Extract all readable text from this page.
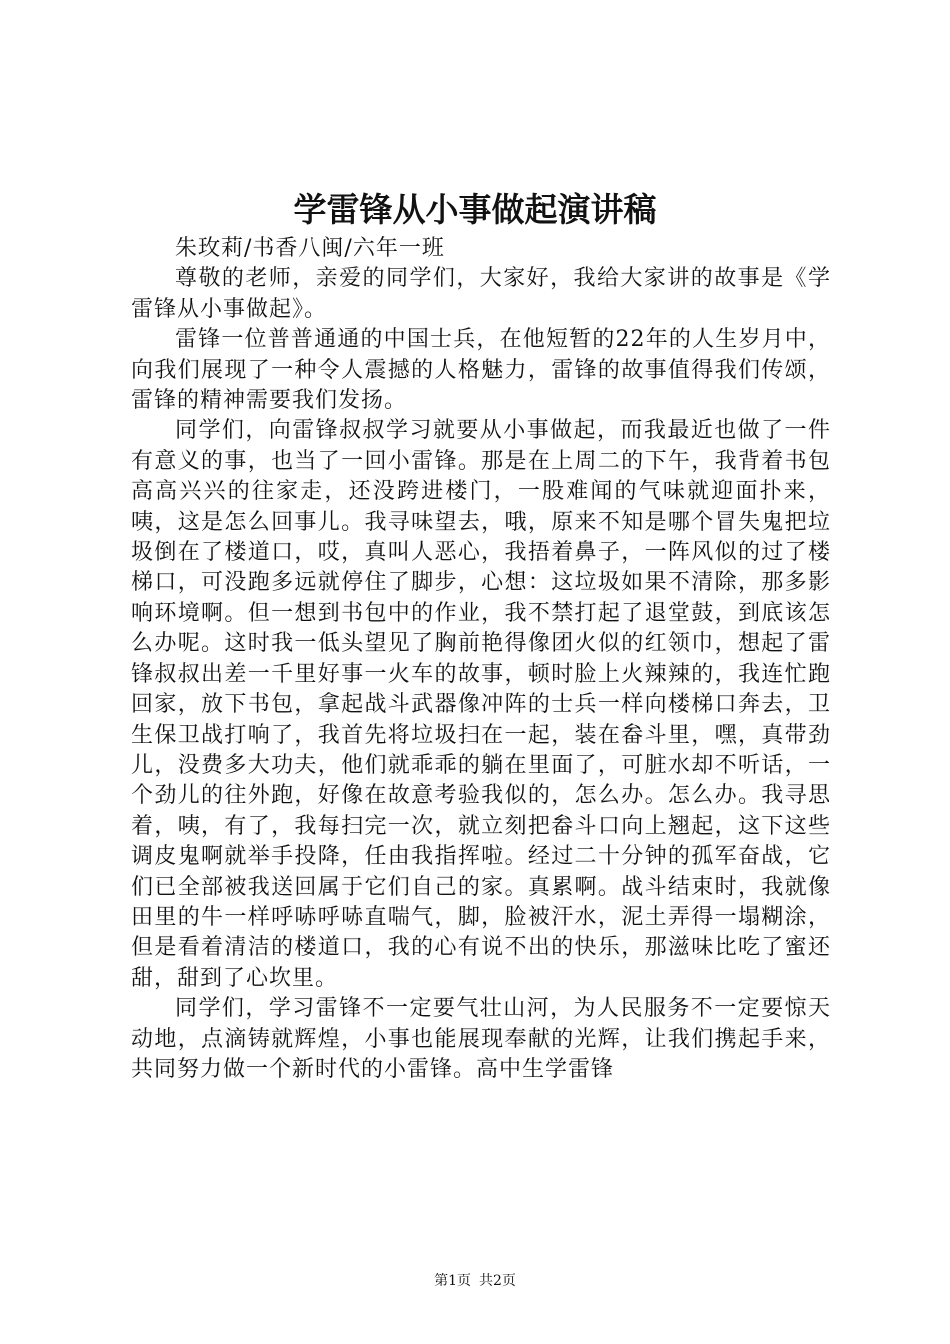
学雷锋从小事做起演讲稿

朱玫莉/书香八闽/六年一班

尊敬的老师，亲爱的同学们，大家好，我给大家讲的故事是《学雷锋从小事做起》。

雷锋一位普普通通的中国士兵，在他短暂的22年的人生岁月中，向我们展现了一种令人震撼的人格魅力，雷锋的故事值得我们传颂，雷锋的精神需要我们发扬。

同学们，向雷锋叔叔学习就要从小事做起，而我最近也做了一件有意义的事，也当了一回小雷锋。那是在上周二的下午，我背着书包高高兴兴的往家走，还没跨进楼门，一股难闻的气味就迎面扑来，咦，这是怎么回事儿。我寻味望去，哦，原来不知是哪个冒失鬼把垃圾倒在了楼道口，哎，真叫人恶心，我捂着鼻子，一阵风似的过了楼梯口，可没跑多远就停住了脚步，心想：这垃圾如果不清除，那多影响环境啊。但一想到书包中的作业，我不禁打起了退堂鼓，到底该怎么办呢。这时我一低头望见了胸前艳得像团火似的红领巾，想起了雷锋叔叔出差一千里好事一火车的故事，顿时脸上火辣辣的，我连忙跑回家，放下书包，拿起战斗武器像冲阵的士兵一样向楼梯口奔去，卫生保卫战打响了，我首先将垃圾扫在一起，装在畚斗里，嘿，真带劲儿，没费多大功夫，他们就乖乖的躺在里面了，可脏水却不听话，一个劲儿的往外跑，好像在故意考验我似的，怎么办。怎么办。我寻思着，咦，有了，我每扫完一次，就立刻把畚斗口向上翘起，这下这些调皮鬼啊就举手投降，任由我指挥啦。经过二十分钟的孤军奋战，它们已全部被我送回属于它们自己的家。真累啊。战斗结束时，我就像田里的牛一样呼哧呼哧直喘气，脚，脸被汗水，泥土弄得一塌糊涂，但是看着清洁的楼道口，我的心有说不出的快乐，那滋味比吃了蜜还甜，甜到了心坎里。

同学们，学习雷锋不一定要气壮山河，为人民服务不一定要惊天动地，点滴铸就辉煌，小事也能展现奉献的光辉，让我们携起手来，共同努力做一个新时代的小雷锋。高中生学雷锋

第1页 共2页
